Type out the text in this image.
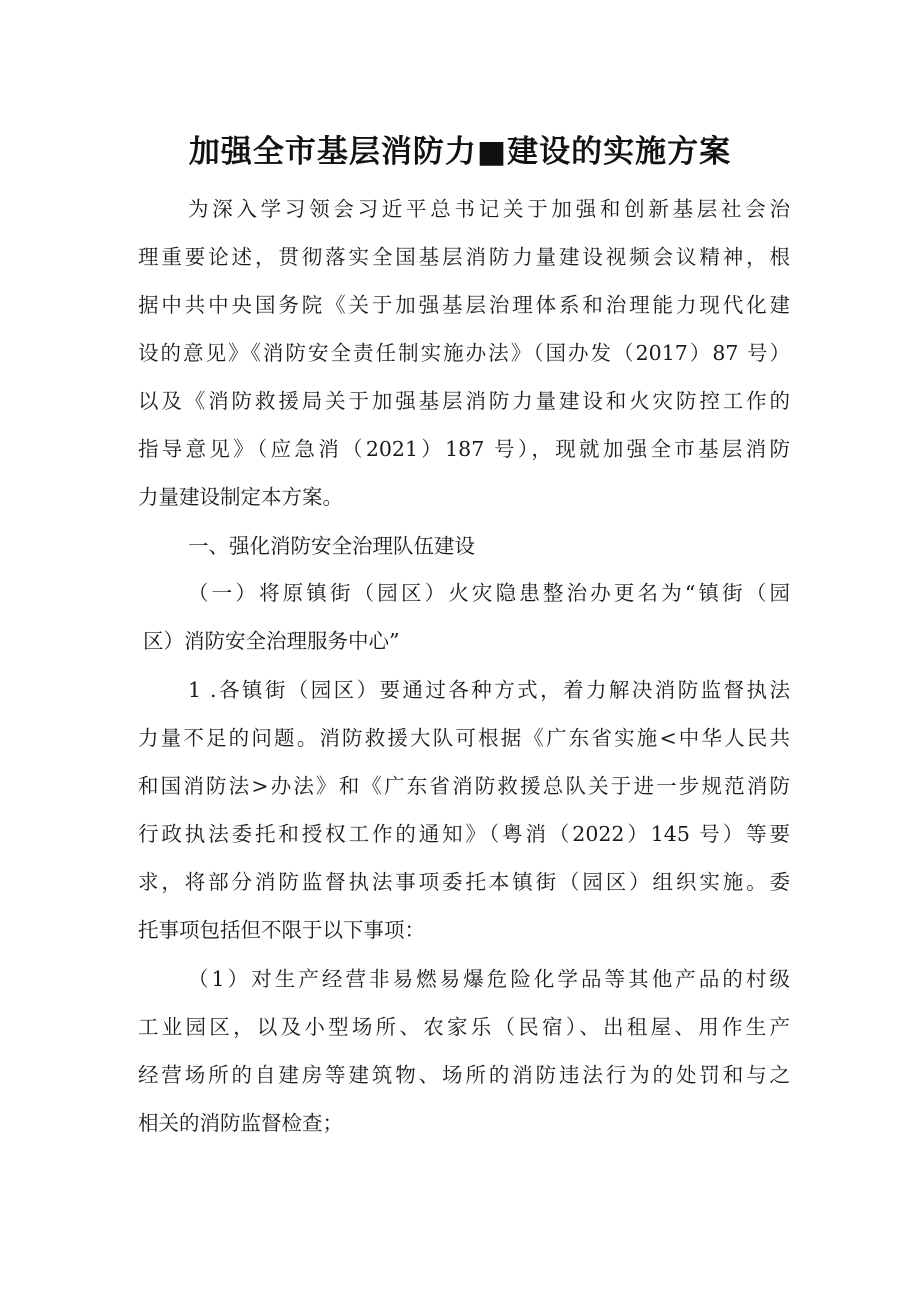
加强全市基层消防力■建设的实施方案

为深入学习领会习近平总书记关于加强和创新基层社会治

理重要论述，贯彻落实全国基层消防力量建设视频会议精神，根

据中共中央国务院《关于加强基层治理体系和治理能力现代化建

设的意见》《消防安全责任制实施办法》（国办发（2017）87 号）

以及《消防救援局关于加强基层消防力量建设和火灾防控工作的

指导意见》（应急消（2021）187 号），现就加强全市基层消防

力量建设制定本方案。

一、强化消防安全治理队伍建设

（一）将原镇街（园区）火灾隐患整治办更名为“镇街（园

区）消防安全治理服务中心”

1 .各镇街（园区）要通过各种方式，着力解决消防监督执法

力量不足的问题。消防救援大队可根据《广东省实施<中华人民共

和国消防法>办法》和《广东省消防救援总队关于进一步规范消防

行政执法委托和授权工作的通知》（粤消（2022）145 号）等要

求，将部分消防监督执法事项委托本镇街（园区）组织实施。委

托事项包括但不限于以下事项：

（1）对生产经营非易燃易爆危险化学品等其他产品的村级

工业园区，以及小型场所、农家乐（民宿）、出租屋、用作生产

经营场所的自建房等建筑物、场所的消防违法行为的处罚和与之

相关的消防监督检查；
